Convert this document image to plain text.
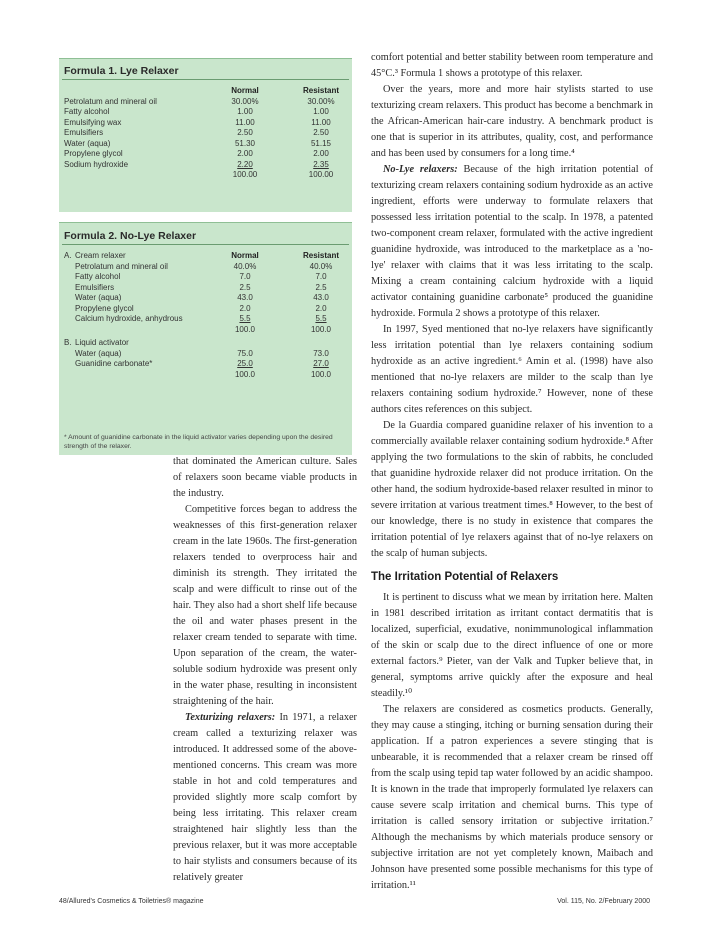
Formula 1. Lye Relaxer
Normal	Resistant
Petrolatum and mineral oil	30.00%	30.00%
Fatty alcohol	1.00	1.00
Emulsifying wax	11.00	11.00
Emulsifiers	2.50	2.50
Water (aqua)	51.30	51.15
Propylene glycol	2.00	2.00
Sodium hydroxide	2.20	2.35
100.00	100.00
Formula 2. No-Lye Relaxer
A. Cream relaxer	Normal	Resistant
Petrolatum and mineral oil	40.0%	40.0%
Fatty alcohol	7.0	7.0
Emulsifiers	2.5	2.5
Water (aqua)	43.0	43.0
Propylene glycol	2.0	2.0
Calcium hydroxide, anhydrous	5.5	5.5
100.0	100.0
B. Liquid activator
Water (aqua)	75.0	73.0
Guanidine carbonate*	25.0	27.0
100.0	100.0
* Amount of guanidine carbonate in the liquid activator varies depending upon the desired strength of the relaxer.

that dominated the American culture. Sales of relaxers soon became viable products in the industry.

Competitive forces began to address the weaknesses of this first-generation relaxer cream in the late 1960s. The first-generation relaxers tended to overprocess hair and diminish its strength. They irritated the scalp and were difficult to rinse out of the hair. They also had a short shelf life because the oil and water phases present in the relaxer cream tended to separate with time. Upon separation of the cream, the water-soluble sodium hydroxide was present only in the water phase, resulting in inconsistent straightening of the hair.

Texturizing relaxers: In 1971, a relaxer cream called a texturizing relaxer was introduced. It addressed some of the above-mentioned concerns. This cream was more stable in hot and cold temperatures and provided slightly more scalp comfort by being less irritating. This relaxer cream straightened hair slightly less than the previous relaxer, but it was more acceptable to hair stylists and consumers because of its relatively greater

comfort potential and better stability between room temperature and 45°C.³ Formula 1 shows a prototype of this relaxer.

Over the years, more and more hair stylists started to use texturizing cream relaxers. This product has become a benchmark in the African-American hair-care industry. A benchmark product is one that is superior in its attributes, quality, cost, and performance and has been used by consumers for a long time.⁴

No-Lye relaxers: Because of the high irritation potential of texturizing cream relaxers containing sodium hydroxide as an active ingredient, efforts were underway to formulate relaxers that possessed less irritation potential to the scalp. In 1978, a patented two-component cream relaxer, formulated with the active ingredient guanidine hydroxide, was introduced to the marketplace as a 'no-lye' relaxer with claims that it was less irritating to the scalp. Mixing a cream containing calcium hydroxide with a liquid activator containing guanidine carbonate⁵ produced the guanidine hydroxide. Formula 2 shows a prototype of this relaxer.

In 1997, Syed mentioned that no-lye relaxers have significantly less irritation potential than lye relaxers containing sodium hydroxide as an active ingredient.⁶ Amin et al. (1998) have also mentioned that no-lye relaxers are milder to the scalp than lye relaxers containing sodium hydroxide.⁷ However, none of these authors cites references on this subject.

De la Guardia compared guanidine relaxer of his invention to a commercially available relaxer containing sodium hydroxide.⁸ After applying the two formulations to the skin of rabbits, he concluded that guanidine hydroxide relaxer did not produce irritation. On the other hand, the sodium hydroxide-based relaxer resulted in minor to severe irritation at various treatment times.⁸ However, to the best of our knowledge, there is no study in existence that compares the irritation potential of lye relaxers against that of no-lye relaxers on the scalp of human subjects.

The Irritation Potential of Relaxers

It is pertinent to discuss what we mean by irritation here. Malten in 1981 described irritation as irritant contact dermatitis that is localized, superficial, exudative, nonimmunological inflammation of the skin or scalp due to the direct influence of one or more external factors.⁹ Pieter, van der Valk and Tupker believe that, in general, symptoms arrive quickly after the exposure and heal steadily.¹⁰

The relaxers are considered as cosmetics products. Generally, they may cause a stinging, itching or burning sensation during their application. If a patron experiences a severe stinging that is unbearable, it is recommended that a relaxer cream be rinsed off from the scalp using tepid tap water followed by an acidic shampoo. It is known in the trade that improperly formulated lye relaxers can cause severe scalp irritation and chemical burns. This type of irritation is called sensory irritation or subjective irritation.⁷ Although the mechanisms by which materials produce sensory or subjective irritation are not yet completely known, Maibach and Johnson have presented some possible mechanisms for this type of irritation.¹¹

48/Allured's Cosmetics & Toiletries® magazine	Vol. 115, No. 2/February 2000
